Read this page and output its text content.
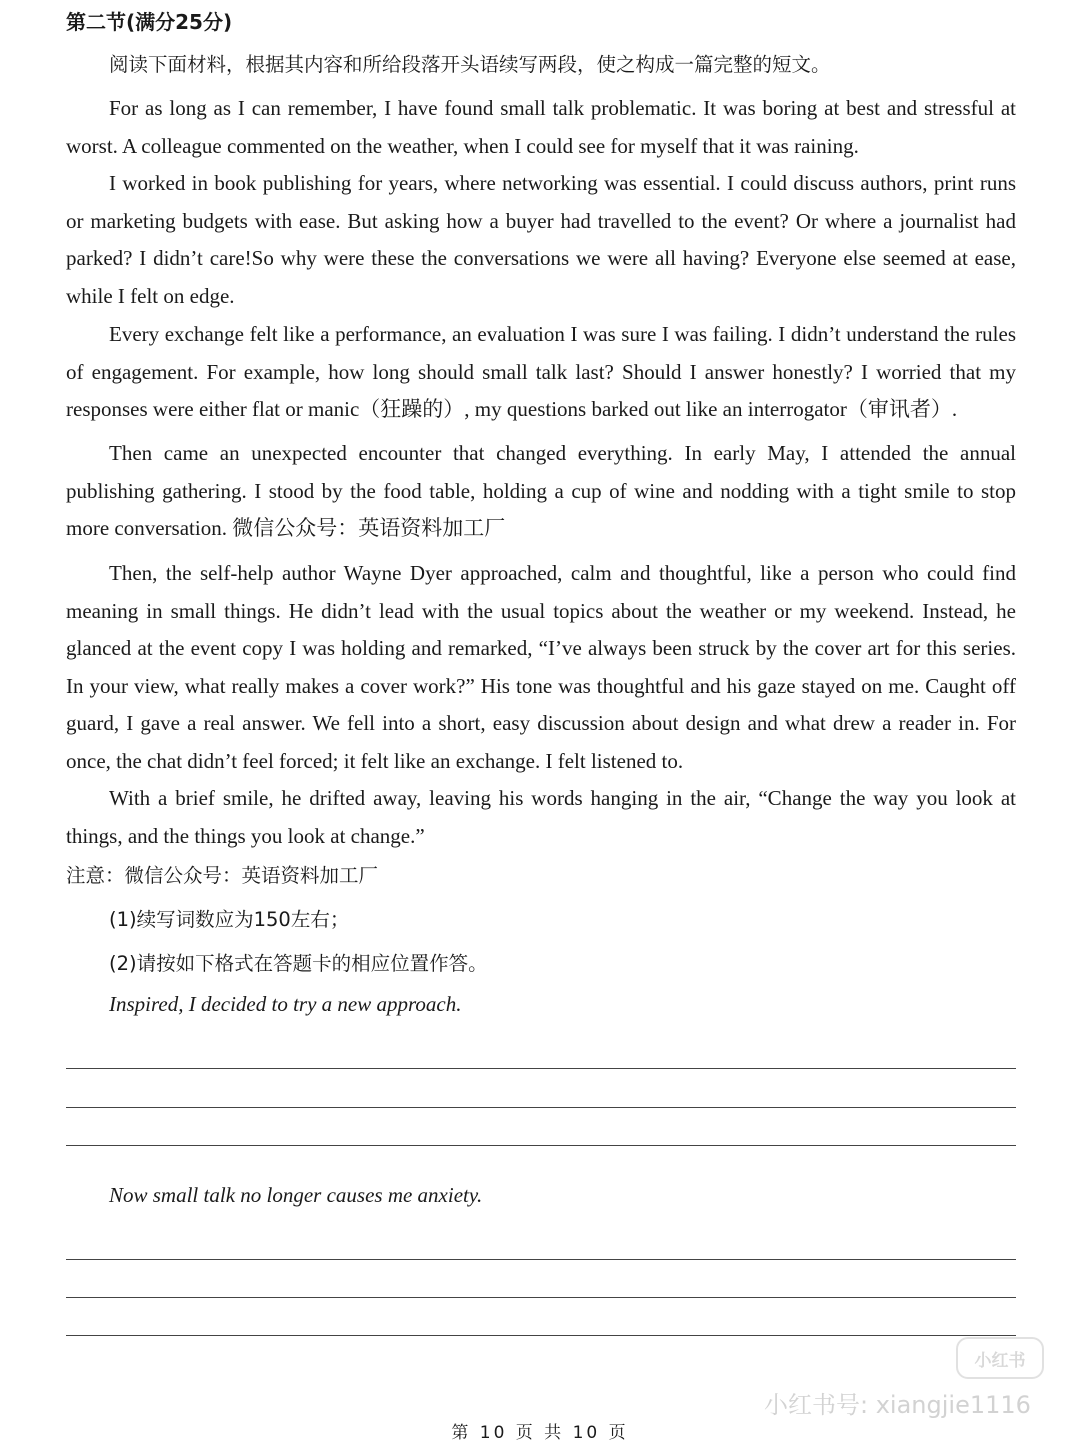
第二节(满分25分)
阅读下面材料，根据其内容和所给段落开头语续写两段，使之构成一篇完整的短文。

For as long as I can remember, I have found small talk problematic. It was boring at best and stressful at worst. A colleague commented on the weather, when I could see for myself that it was raining.

I worked in book publishing for years, where networking was essential. I could discuss authors, print runs or marketing budgets with ease. But asking how a buyer had travelled to the event? Or where a journalist had parked? I didn’t care!So why were these the conversations we were all having? Everyone else seemed at ease, while I felt on edge.

Every exchange felt like a performance, an evaluation I was sure I was failing. I didn’t understand the rules of engagement. For example, how long should small talk last? Should I answer honestly? I worried that my responses were either flat or manic（狂躁的）, my questions barked out like an interrogator（审讯者）.

Then came an unexpected encounter that changed everything. In early May, I attended the annual publishing gathering. I stood by the food table, holding a cup of wine and nodding with a tight smile to stop more conversation. 微信公众号：英语资料加工厂

Then, the self-help author Wayne Dyer approached, calm and thoughtful, like a person who could find meaning in small things. He didn’t lead with the usual topics about the weather or my weekend. Instead, he glanced at the event copy I was holding and remarked, “I’ve always been struck by the cover art for this series. In your view, what really makes a cover work?” His tone was thoughtful and his gaze stayed on me. Caught off guard, I gave a real answer. We fell into a short, easy discussion about design and what drew a reader in. For once, the chat didn’t feel forced; it felt like an exchange. I felt listened to.

With a brief smile, he drifted away, leaving his words hanging in the air, “Change the way you look at things, and the things you look at change.”

注意：微信公众号：英语资料加工厂
(1)续写词数应为150左右；
(2)请按如下格式在答题卡的相应位置作答。
Inspired, I decided to try a new approach.
Now small talk no longer causes me anxiety.
小红书
小红书号: xiangjie1116
第 10 页 共 10 页
